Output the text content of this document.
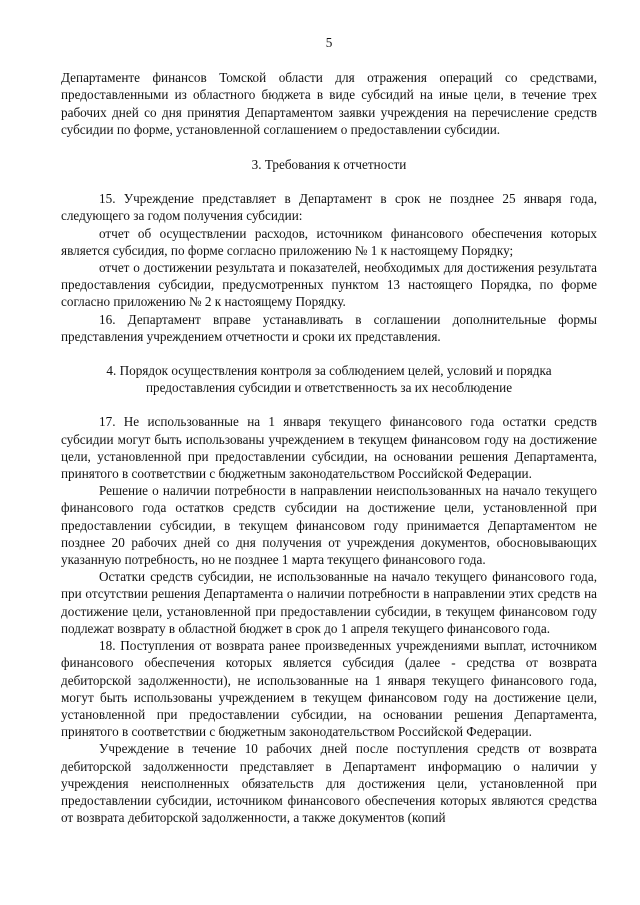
5

Департаменте финансов Томской области для отражения операций со средствами, предоставленными из областного бюджета в виде субсидий на иные цели, в течение трех рабочих дней со дня принятия Департаментом заявки учреждения на перечисление средств субсидии по форме, установленной соглашением о предоставлении субсидии.

3. Требования к отчетности

15. Учреждение представляет в Департамент в срок не позднее 25 января года, следующего за годом получения субсидии:

отчет об осуществлении расходов, источником финансового обеспечения которых является субсидия, по форме согласно приложению № 1 к настоящему Порядку;

отчет о достижении результата и показателей, необходимых для достижения результата предоставления субсидии, предусмотренных пунктом 13 настоящего Порядка, по форме согласно приложению № 2 к настоящему Порядку.

16. Департамент вправе устанавливать в соглашении дополнительные формы представления учреждением отчетности и сроки их представления.

4. Порядок осуществления контроля за соблюдением целей, условий и порядка
предоставления субсидии и ответственность за их несоблюдение

17. Не использованные на 1 января текущего финансового года остатки средств субсидии могут быть использованы учреждением в текущем финансовом году на достижение цели, установленной при предоставлении субсидии, на основании решения Департамента, принятого в соответствии с бюджетным законодательством Российской Федерации.

Решение о наличии потребности в направлении неиспользованных на начало текущего финансового года остатков средств субсидии на достижение цели, установленной при предоставлении субсидии, в текущем финансовом году принимается Департаментом не позднее 20 рабочих дней со дня получения от учреждения документов, обосновывающих указанную потребность, но не позднее 1 марта текущего финансового года.

Остатки средств субсидии, не использованные на начало текущего финансового года, при отсутствии решения Департамента о наличии потребности в направлении этих средств на достижение цели, установленной при предоставлении субсидии, в текущем финансовом году подлежат возврату в областной бюджет в срок до 1 апреля текущего финансового года.

18. Поступления от возврата ранее произведенных учреждениями выплат, источником финансового обеспечения которых является субсидия (далее - средства от возврата дебиторской задолженности), не использованные на 1 января текущего финансового года, могут быть использованы учреждением в текущем финансовом году на достижение цели, установленной при предоставлении субсидии, на основании решения Департамента, принятого в соответствии с бюджетным законодательством Российской Федерации.

Учреждение в течение 10 рабочих дней после поступления средств от возврата дебиторской задолженности представляет в Департамент информацию о наличии у учреждения неисполненных обязательств для достижения цели, установленной при предоставлении субсидии, источником финансового обеспечения которых являются средства от возврата дебиторской задолженности, а также документов (копий
